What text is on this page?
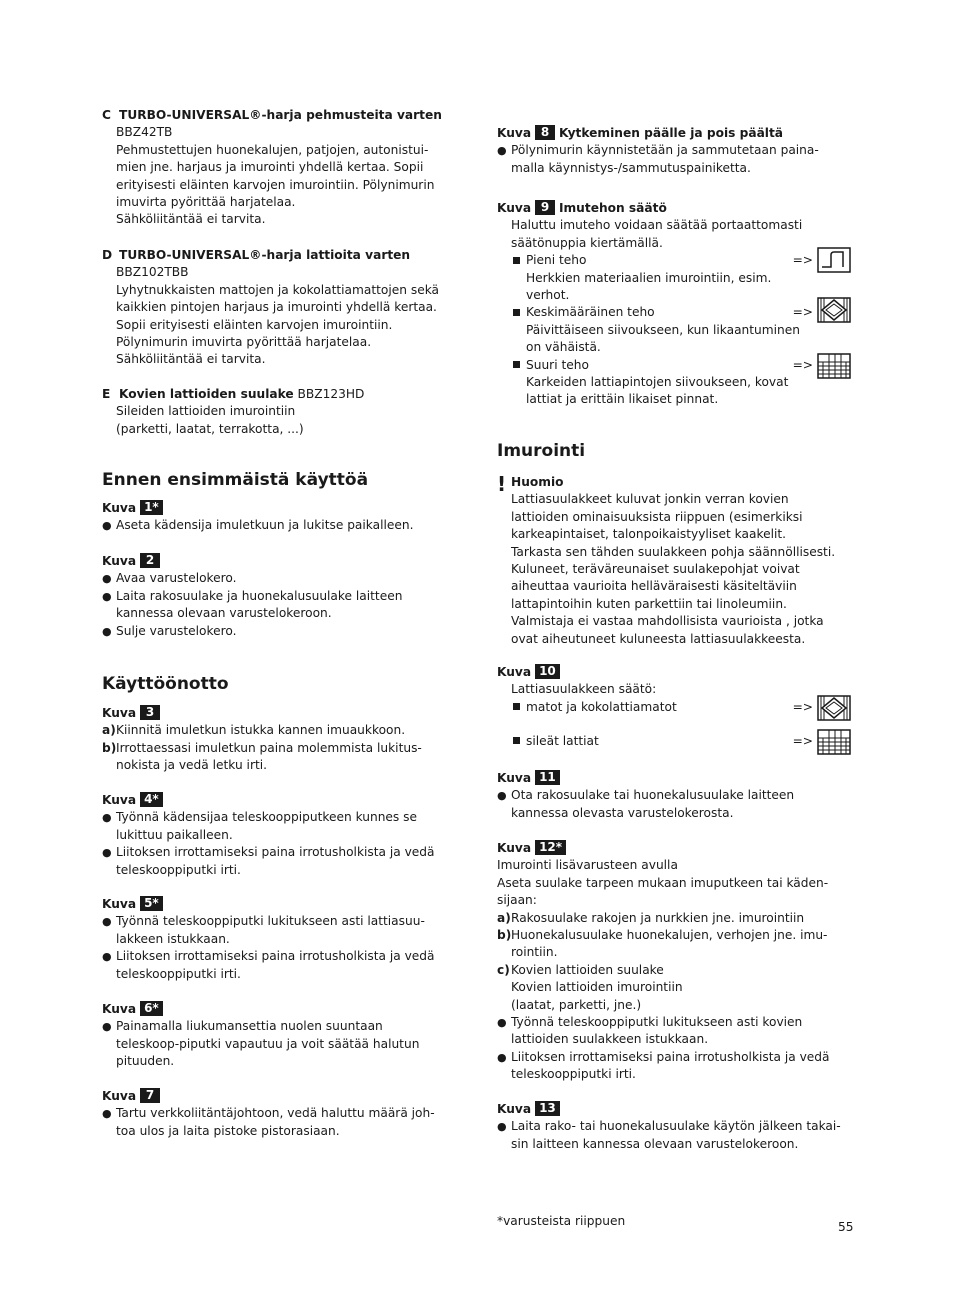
C TURBO-UNIVERSAL®-harja pehmusteita varten
BBZ42TB
Pehmustettujen huonekalujen, patjojen, autonistui-
mien jne. harjaus ja imurointi yhdellä kertaa. Sopii
erityisesti eläinten karvojen imurointiin. Pölynimurin
imuvirta pyörittää harjatelaa.
Sähköliitäntää ei tarvita.
D TURBO-UNIVERSAL®-harja lattioita varten
BBZ102TBB
Lyhytnukkaisten mattojen ja kokolattiamattojen sekä
kaikkien pintojen harjaus ja imurointi yhdellä kertaa.
Sopii erityisesti eläinten karvojen imurointiin.
Pölynimurin imuvirta pyörittää harjatelaa.
Sähköliitäntää ei tarvita.
E Kovien lattioiden suulake BBZ123HD
Sileiden lattioiden imurointiin
(parketti, laatat, terrakotta, ...)
Ennen ensimmäistä käyttöä
Kuva 1*
● Aseta kädensija imuletkuun ja lukitse paikalleen.
Kuva 2
● Avaa varustelokero.
● Laita rakosuulake ja huonekalusuulake laitteen
kannessa olevaan varustelokeroon.
● Sulje varustelokero.
Käyttöönotto
Kuva 3
a)Kiinnitä imuletkun istukka kannen imuaukkoon.
b)Irrottaessasi imuletkun paina molemmista lukitus-
nokista ja vedä letku irti.
Kuva 4*
● Työnnä kädensijaa teleskooppiputkeen kunnes se
lukittuu paikalleen.
● Liitoksen irrottamiseksi paina irrotusholkista ja vedä
teleskooppiputki irti.
Kuva 5*
● Työnnä teleskooppiputki lukitukseen asti lattiasuu-
lakkeen istukkaan.
● Liitoksen irrottamiseksi paina irrotusholkista ja vedä
teleskooppiputki irti.
Kuva 6*
● Painamalla liukumansettia nuolen suuntaan
teleskoop-piputki vapautuu ja voit säätää halutun
pituuden.
Kuva 7
● Tartu verkkoliitäntäjohtoon, vedä haluttu määrä joh-
toa ulos ja laita pistoke pistorasiaan.
Kuva 8 Kytkeminen päälle ja pois päältä
● Pölynimurin käynnistetään ja sammutetaan paina-
malla käynnistys-/sammutuspainiketta.
Kuva 9 Imutehon säätö
Haluttu imuteho voidaan säätää portaattomasti
säätönuppia kiertämällä.
Pieni teho
Herkkien materiaalien imurointiin, esim.
verhot.
=>
Keskimääräinen teho
Päivittäiseen siivoukseen, kun likaantuminen
on vähäistä.
=>
Suuri teho
Karkeiden lattiapintojen siivoukseen, kovat
lattiat ja erittäin likaiset pinnat.
=>
Imurointi
! Huomio
Lattiasuulakkeet kuluvat jonkin verran kovien
lattioiden ominaisuuksista riippuen (esimerkiksi
karkeapintaiset, talonpoikaistyyliset kaakelit.
Tarkasta sen tähden suulakkeen pohja säännöllisesti.
Kuluneet, teräväreunaiset suulakepohjat voivat
aiheuttaa vaurioita helläväraisesti käsiteltäviin
lattapintoihin kuten parkettiin tai linoleumiin.
Valmistaja ei vastaa mahdollisista vaurioista , jotka
ovat aiheutuneet kuluneesta lattiasuulakkeesta.
Kuva 10
Lattiasuulakkeen säätö:
matot ja kokolattiamatot	=>
sileät lattiat	=>
Kuva 11
● Ota rakosuulake tai huonekalusuulake laitteen
kannessa olevasta varustelokerosta.
Kuva 12*
Imurointi lisävarusteen avulla
Aseta suulake tarpeen mukaan imuputkeen tai käden-
sijaan:
a)Rakosuulake rakojen ja nurkkien jne. imurointiin
b)Huonekalusuulake huonekalujen, verhojen jne. imu-
rointiin.
c)Kovien lattioiden suulake
Kovien lattioiden imurointiin
(laatat, parketti, jne.)
● Työnnä teleskooppiputki lukitukseen asti kovien
lattioiden suulakkeen istukkaan.
● Liitoksen irrottamiseksi paina irrotusholkista ja vedä
teleskooppiputki irti.
Kuva 13
● Laita rako- tai huonekalusuulake käytön jälkeen takai-
sin laitteen kannessa olevaan varustelokeroon.
*varusteista riippuen	55
